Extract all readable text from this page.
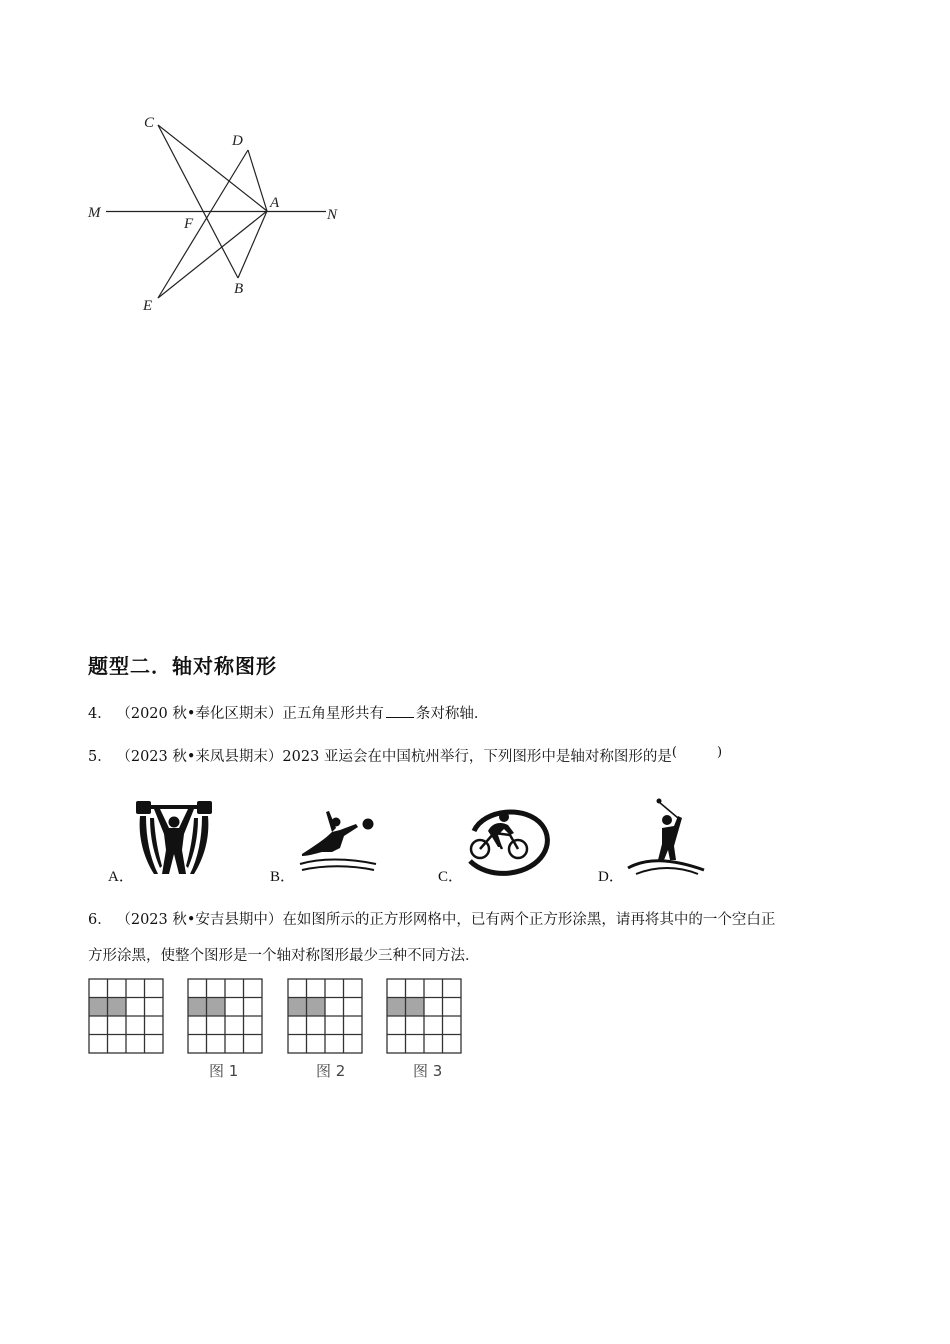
C
D
M
A
N
F
B
E
题型二．轴对称图形
4． （2020 秋•奉化区期末）正五角星形共有 条对称轴．
5． （2023 秋•来凤县期末）2023 亚运会在中国杭州举行，下列图形中是轴对称图形的是(	)
A．	B．	C．	D．
6． （2023 秋•安吉县期中）在如图所示的正方形网格中，已有两个正方形涂黑，请再将其中的一个空白正
方形涂黑，使整个图形是一个轴对称图形最少三种不同方法．
图 1	图 2	图 3
